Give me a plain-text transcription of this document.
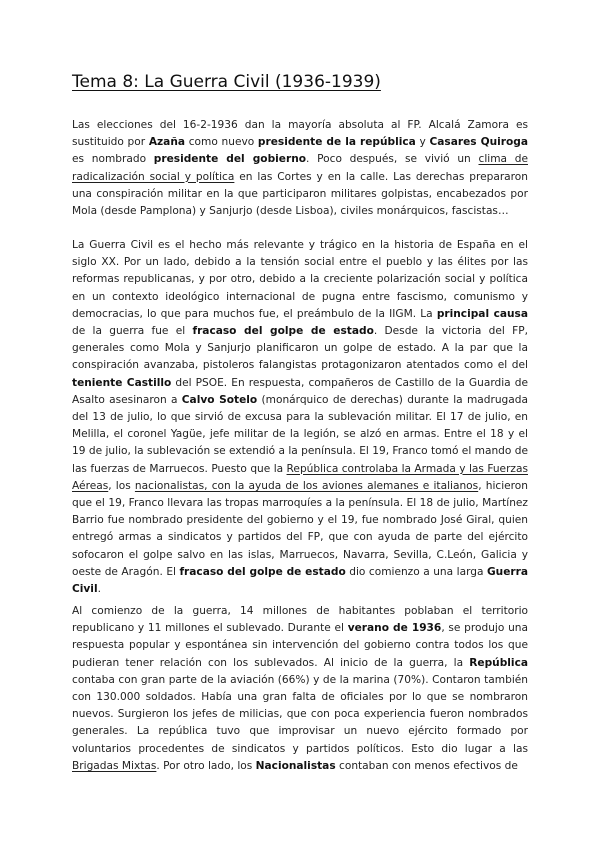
Tema 8: La Guerra Civil (1936-1939)

Las elecciones del 16-2-1936 dan la mayoría absoluta al FP. Alcalá Zamora es sustituido por Azaña como nuevo presidente de la república y Casares Quiroga es nombrado presidente del gobierno. Poco después, se vivió un clima de radicalización social y política en las Cortes y en la calle. Las derechas prepararon una conspiración militar en la que participaron militares golpistas, encabezados por Mola (desde Pamplona) y Sanjurjo (desde Lisboa), civiles monárquicos, fascistas…

La Guerra Civil es el hecho más relevante y trágico en la historia de España en el siglo XX. Por un lado, debido a la tensión social entre el pueblo y las élites por las reformas republicanas, y por otro, debido a la creciente polarización social y política en un contexto ideológico internacional de pugna entre fascismo, comunismo y democracias, lo que para muchos fue, el preámbulo de la IIGM. La principal causa de la guerra fue el fracaso del golpe de estado. Desde la victoria del FP, generales como Mola y Sanjurjo planificaron un golpe de estado. A la par que la conspiración avanzaba, pistoleros falangistas protagonizaron atentados como el del teniente Castillo del PSOE. En respuesta, compañeros de Castillo de la Guardia de Asalto asesinaron a Calvo Sotelo (monárquico de derechas) durante la madrugada del 13 de julio, lo que sirvió de excusa para la sublevación militar. El 17 de julio, en Melilla, el coronel Yagüe, jefe militar de la legión, se alzó en armas. Entre el 18 y el 19 de julio, la sublevación se extendió a la península. El 19, Franco tomó el mando de las fuerzas de Marruecos. Puesto que la República controlaba la Armada y las Fuerzas Aéreas, los nacionalistas, con la ayuda de los aviones alemanes e italianos, hicieron que el 19, Franco llevara las tropas marroquíes a la península. El 18 de julio, Martínez Barrio fue nombrado presidente del gobierno y el 19, fue nombrado José Giral, quien entregó armas a sindicatos y partidos del FP, que con ayuda de parte del ejército sofocaron el golpe salvo en las islas, Marruecos, Navarra, Sevilla, C.León, Galicia y oeste de Aragón. El fracaso del golpe de estado dio comienzo a una larga Guerra Civil.

Al comienzo de la guerra, 14 millones de habitantes poblaban el territorio republicano y 11 millones el sublevado. Durante el verano de 1936, se produjo una respuesta popular y espontánea sin intervención del gobierno contra todos los que pudieran tener relación con los sublevados. Al inicio de la guerra, la República contaba con gran parte de la aviación (66%) y de la marina (70%). Contaron también con 130.000 soldados. Había una gran falta de oficiales por lo que se nombraron nuevos. Surgieron los jefes de milicias, que con poca experiencia fueron nombrados generales. La república tuvo que improvisar un nuevo ejército formado por voluntarios procedentes de sindicatos y partidos políticos. Esto dio lugar a las Brigadas Mixtas. Por otro lado, los Nacionalistas contaban con menos efectivos de
